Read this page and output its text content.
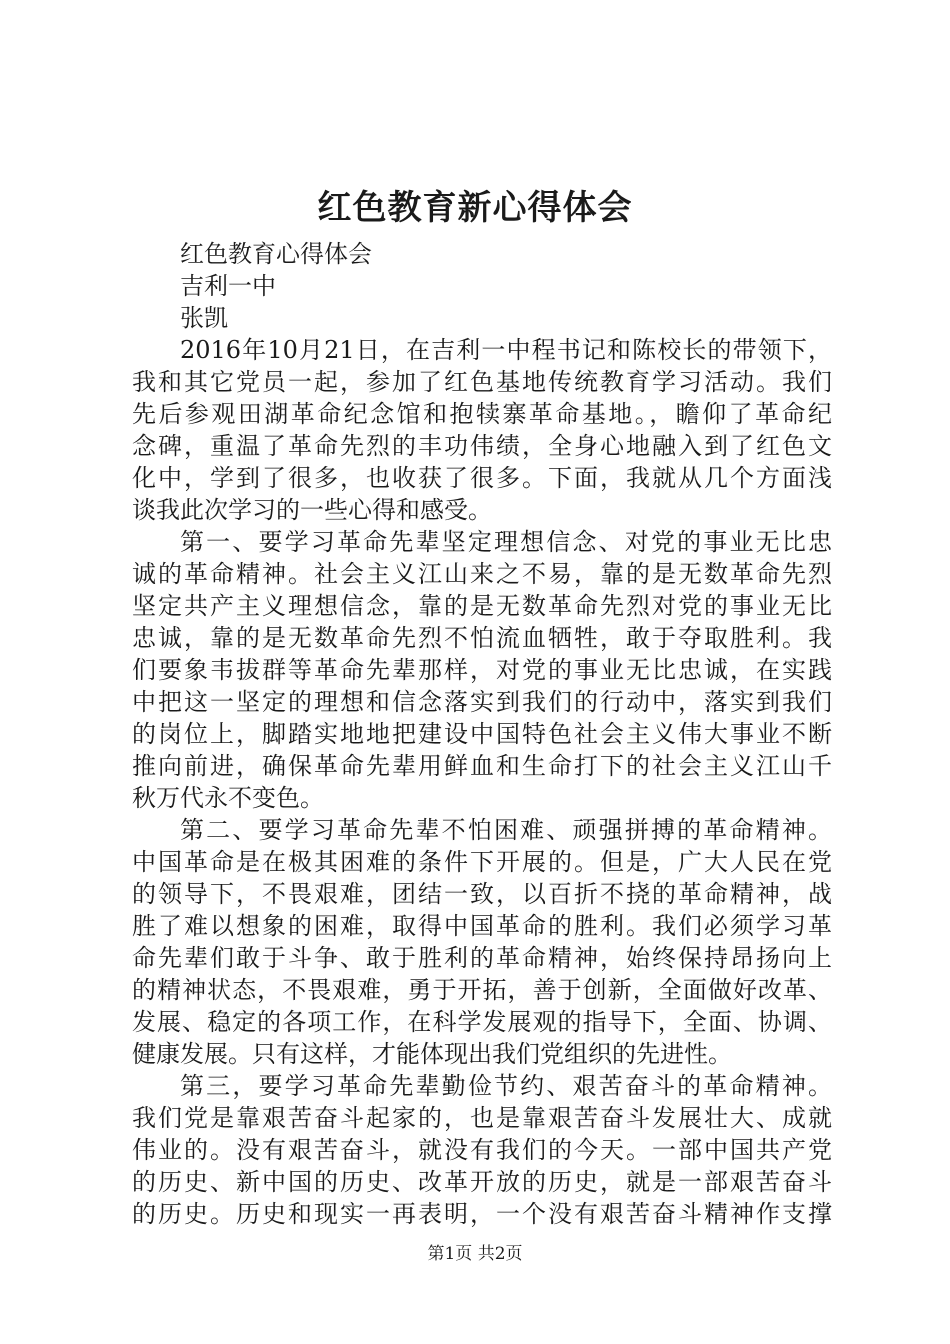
红色教育新心得体会
红色教育心得体会
吉利一中
张凯
2016年10月21日，在吉利一中程书记和陈校长的带领下，
我和其它党员一起，参加了红色基地传统教育学习活动。我们
先后参观田湖革命纪念馆和抱犊寨革命基地。，瞻仰了革命纪
念碑，重温了革命先烈的丰功伟绩，全身心地融入到了红色文
化中，学到了很多，也收获了很多。下面，我就从几个方面浅
谈我此次学习的一些心得和感受。
第一、要学习革命先辈坚定理想信念、对党的事业无比忠
诚的革命精神。社会主义江山来之不易，靠的是无数革命先烈
坚定共产主义理想信念，靠的是无数革命先烈对党的事业无比
忠诚，靠的是无数革命先烈不怕流血牺牲，敢于夺取胜利。我
们要象韦拔群等革命先辈那样，对党的事业无比忠诚，在实践
中把这一坚定的理想和信念落实到我们的行动中，落实到我们
的岗位上，脚踏实地地把建设中国特色社会主义伟大事业不断
推向前进，确保革命先辈用鲜血和生命打下的社会主义江山千
秋万代永不变色。
第二、要学习革命先辈不怕困难、顽强拼搏的革命精神。
中国革命是在极其困难的条件下开展的。但是，广大人民在党
的领导下，不畏艰难，团结一致，以百折不挠的革命精神，战
胜了难以想象的困难，取得中国革命的胜利。我们必须学习革
命先辈们敢于斗争、敢于胜利的革命精神，始终保持昂扬向上
的精神状态，不畏艰难，勇于开拓，善于创新，全面做好改革、
发展、稳定的各项工作，在科学发展观的指导下，全面、协调、
健康发展。只有这样，才能体现出我们党组织的先进性。
第三，要学习革命先辈勤俭节约、艰苦奋斗的革命精神。
我们党是靠艰苦奋斗起家的，也是靠艰苦奋斗发展壮大、成就
伟业的。没有艰苦奋斗，就没有我们的今天。一部中国共产党
的历史、新中国的历史、改革开放的历史，就是一部艰苦奋斗
的历史。历史和现实一再表明，一个没有艰苦奋斗精神作支撑
第1页 共2页
